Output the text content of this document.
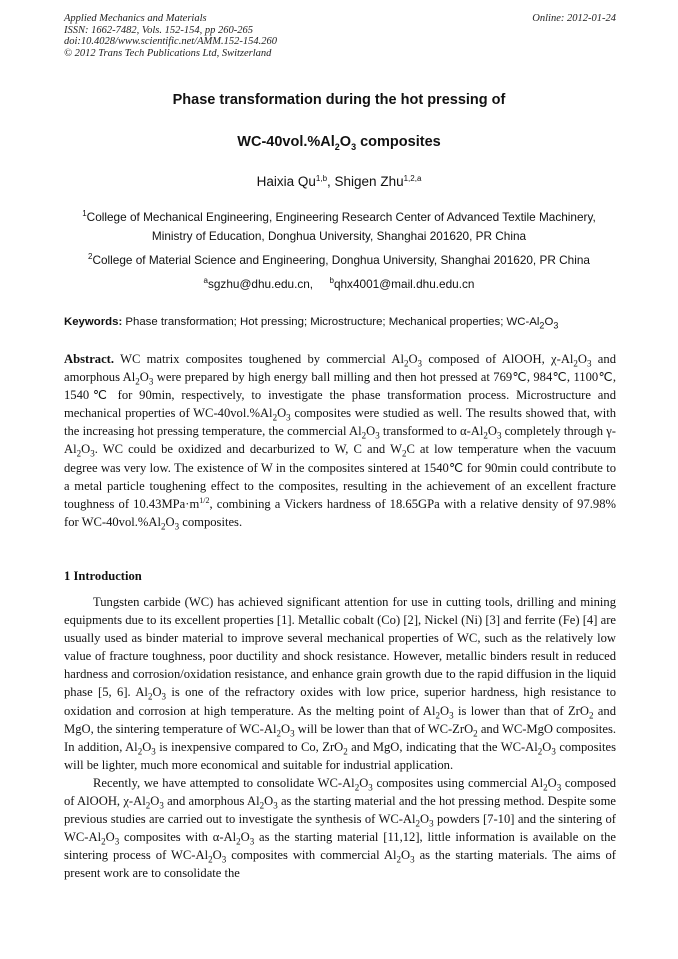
Applied Mechanics and Materials
ISSN: 1662-7482, Vols. 152-154, pp 260-265
doi:10.4028/www.scientific.net/AMM.152-154.260
© 2012 Trans Tech Publications Ltd, Switzerland
Online: 2012-01-24
Phase transformation during the hot pressing of
$WC-40vol.\%Al_2O_3$ composites
Haixia Qu$^{1,b}$, Shigen Zhu$^{1,2,a}$
$^1$College of Mechanical Engineering, Engineering Research Center of Advanced Textile Machinery,
Ministry of Education, Donghua University, Shanghai 201620, PR China
$^2$College of Material Science and Engineering, Donghua University, Shanghai 201620, PR China
$^a$sgzhu@dhu.edu.cn, $^b$qhx4001@mail.dhu.edu.cn
Keywords: Phase transformation; Hot pressing; Microstructure; Mechanical properties; $WC-Al_2O_3$

Abstract. WC matrix composites toughened by commercial $Al_2O_3$ composed of AlOOH, $\chi-Al_2O_3$ and amorphous $Al_2O_3$ were prepared by high energy ball milling and then hot pressed at 769℃, 984℃, 1100℃, 1540℃ for 90min, respectively, to investigate the phase transformation process. Microstructure and mechanical properties of $WC-40vol.\%Al_2O_3$ composites were studied as well. The results showed that, with the increasing hot pressing temperature, the commercial $Al_2O_3$ transformed to $\alpha-Al_2O_3$ completely through $\gamma-Al_2O_3$. WC could be oxidized and decarburized to W, C and $W_2C$ at low temperature when the vacuum degree was very low. The existence of W in the composites sintered at 1540℃ for 90min could contribute to a metal particle toughening effect to the composites, resulting in the achievement of an excellent fracture toughness of $10.43MPa\cdot m^{1/2}$, combining a Vickers hardness of 18.65GPa with a relative density of 97.98% for $WC-40vol.\%Al_2O_3$ composites.

1 Introduction

Tungsten carbide (WC) has achieved significant attention for use in cutting tools, drilling and mining equipments due to its excellent properties [1]. Metallic cobalt (Co) [2], Nickel (Ni) [3] and ferrite (Fe) [4] are usually used as binder material to improve several mechanical properties of WC, such as the relatively low value of fracture toughness, poor ductility and shock resistance. However, metallic binders result in reduced hardness and corrosion/oxidation resistance, and enhance grain growth due to the rapid diffusion in the liquid phase [5, 6]. $Al_2O_3$ is one of the refractory oxides with low price, superior hardness, high resistance to oxidation and corrosion at high temperature. As the melting point of $Al_2O_3$ is lower than that of ZrO$_2$ and MgO, the sintering temperature of $WC-Al_2O_3$ will be lower than that of WC-ZrO$_2$ and WC-MgO composites. In addition, $Al_2O_3$ is inexpensive compared to Co, ZrO$_2$ and MgO, indicating that the $WC-Al_2O_3$ composites will be lighter, much more economical and suitable for industrial application.

Recently, we have attempted to consolidate $WC-Al_2O_3$ composites using commercial $Al_2O_3$ composed of AlOOH, $\chi-Al_2O_3$ and amorphous $Al_2O_3$ as the starting material and the hot pressing method. Despite some previous studies are carried out to investigate the synthesis of $WC-Al_2O_3$ powders [7-10] and the sintering of $WC-Al_2O_3$ composites with $\alpha-Al_2O_3$ as the starting material [11,12], little information is available on the sintering process of $WC-Al_2O_3$ composites with commercial $Al_2O_3$ as the starting materials. The aims of present work are to consolidate the
